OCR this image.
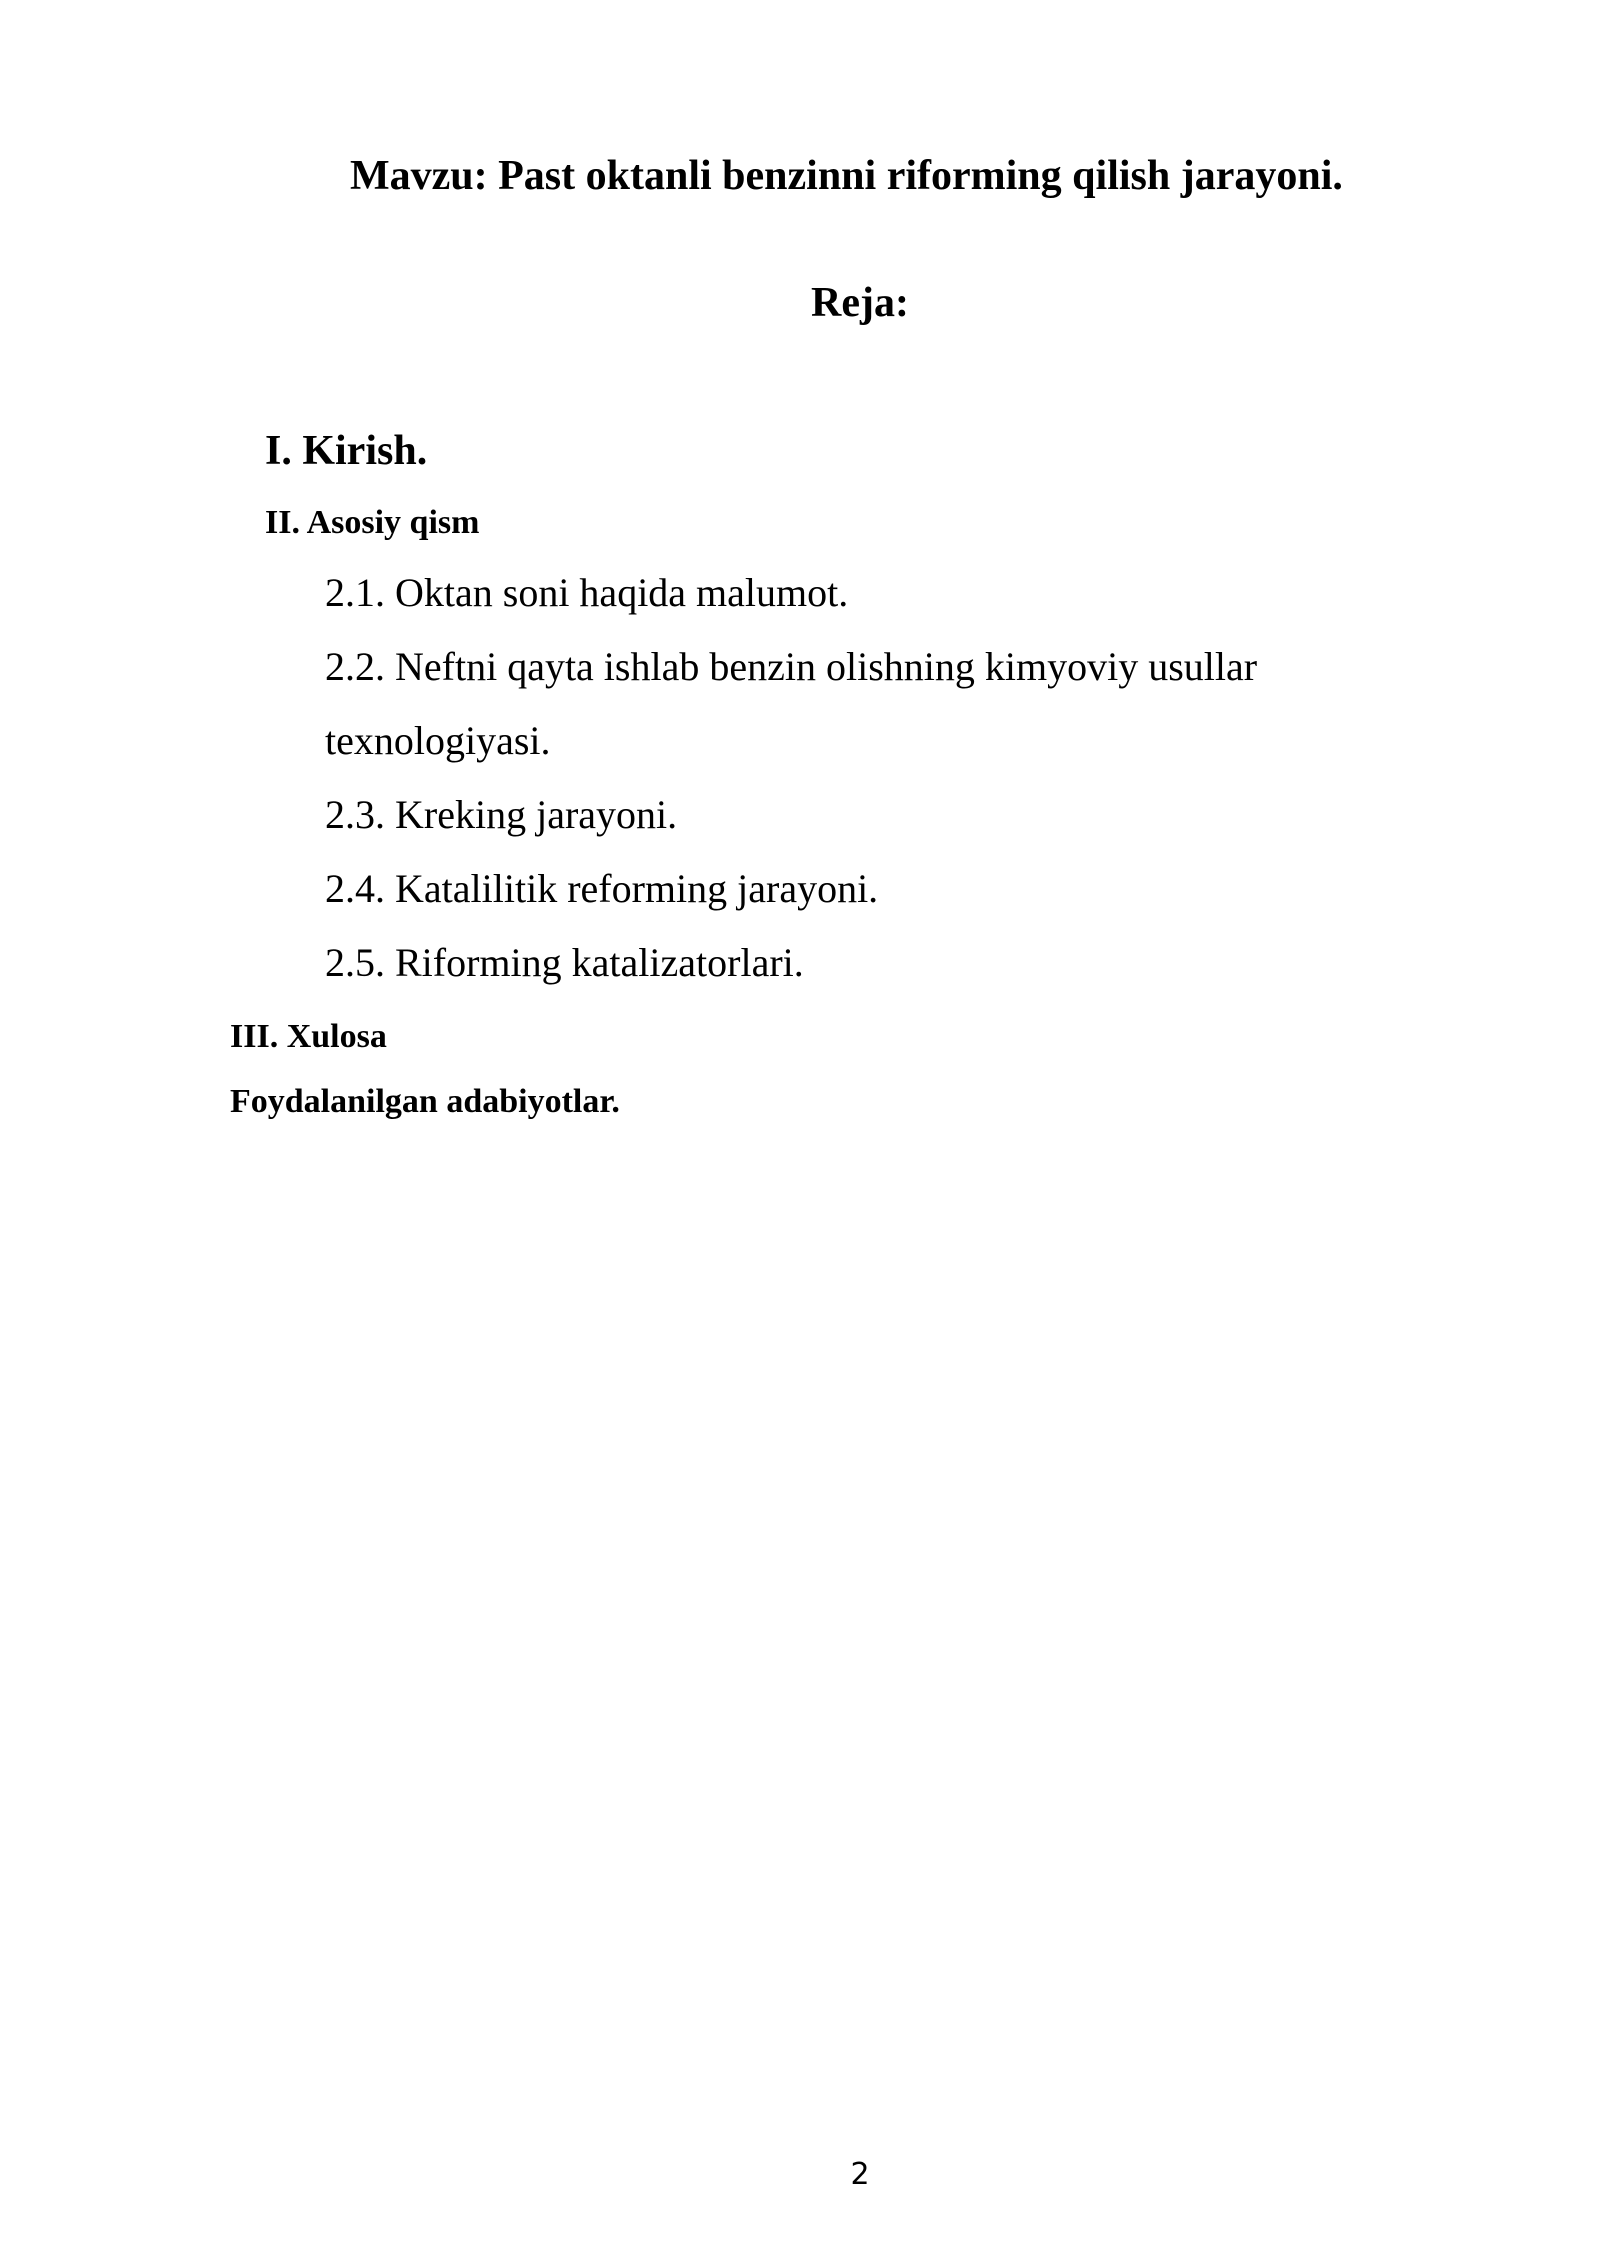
Mavzu: Past oktanli benzinni riforming qilish jarayoni.
Reja:
I. Kirish.
II. Asosiy qism
2.1. Oktan soni haqida malumot.
2.2. Neftni qayta ishlab benzin olishning kimyoviy usullar
texnologiyasi.
2.3. Kreking jarayoni.
2.4. Katalilitik reforming jarayoni.
2.5. Riforming katalizatorlari.
III. Xulosa
Foydalanilgan adabiyotlar.
2
